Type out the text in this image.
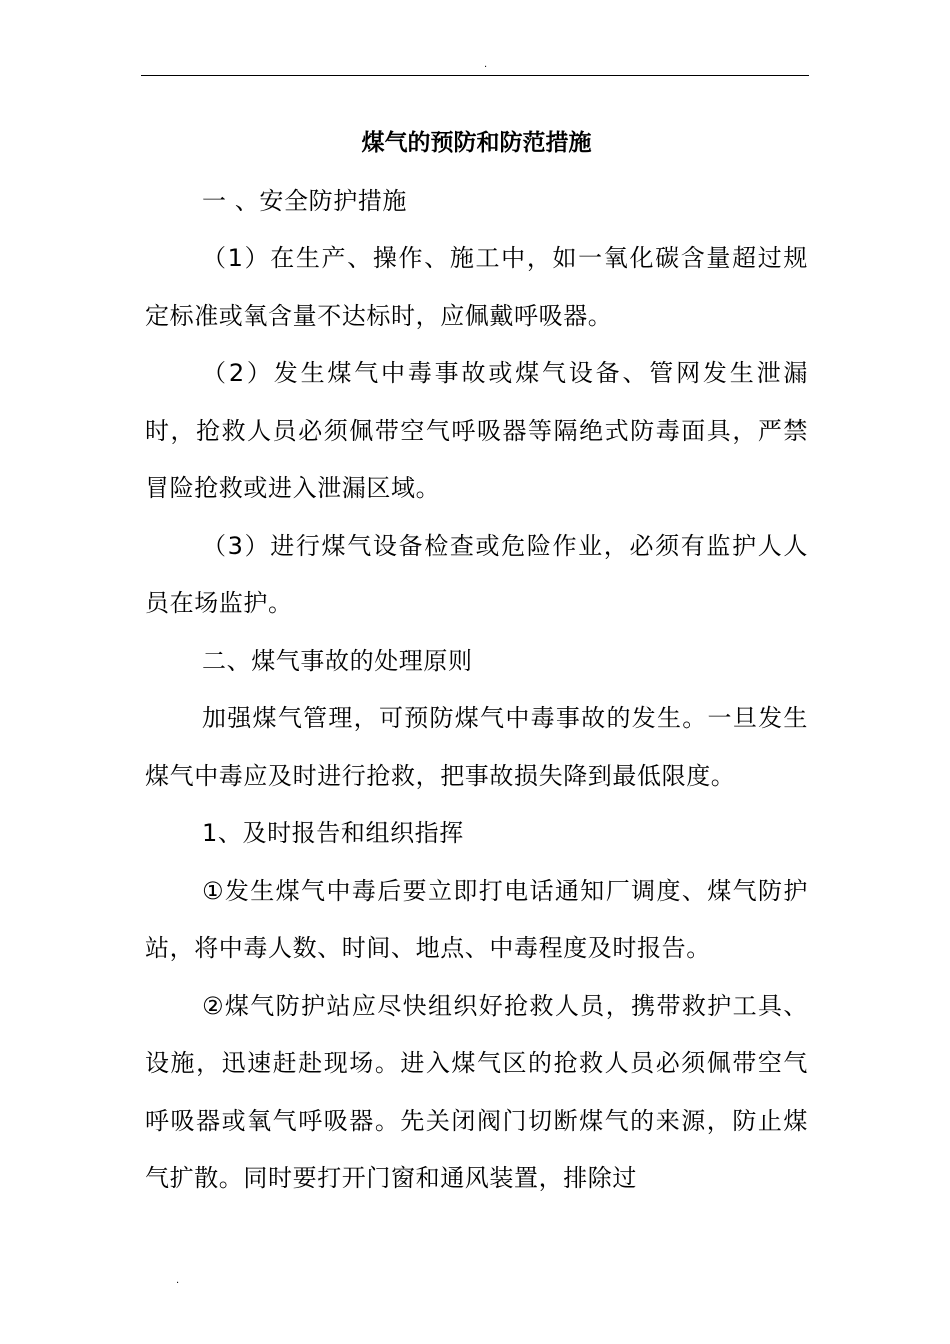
.
煤气的预防和防范措施

一 、安全防护措施

（1）在生产、操作、施工中，如一氧化碳含量超过规定标准或氧含量不达标时，应佩戴呼吸器。

（2）发生煤气中毒事故或煤气设备、管网发生泄漏时，抢救人员必须佩带空气呼吸器等隔绝式防毒面具，严禁冒险抢救或进入泄漏区域。

（3）进行煤气设备检查或危险作业，必须有监护人人员在场监护。

二、煤气事故的处理原则

加强煤气管理，可预防煤气中毒事故的发生。一旦发生煤气中毒应及时进行抢救，把事故损失降到最低限度。

1、及时报告和组织指挥

①发生煤气中毒后要立即打电话通知厂调度、煤气防护站，将中毒人数、时间、地点、中毒程度及时报告。

②煤气防护站应尽快组织好抢救人员，携带救护工具、设施，迅速赶赴现场。进入煤气区的抢救人员必须佩带空气呼吸器或氧气呼吸器。先关闭阀门切断煤气的来源，防止煤气扩散。同时要打开门窗和通风装置，排除过

.
